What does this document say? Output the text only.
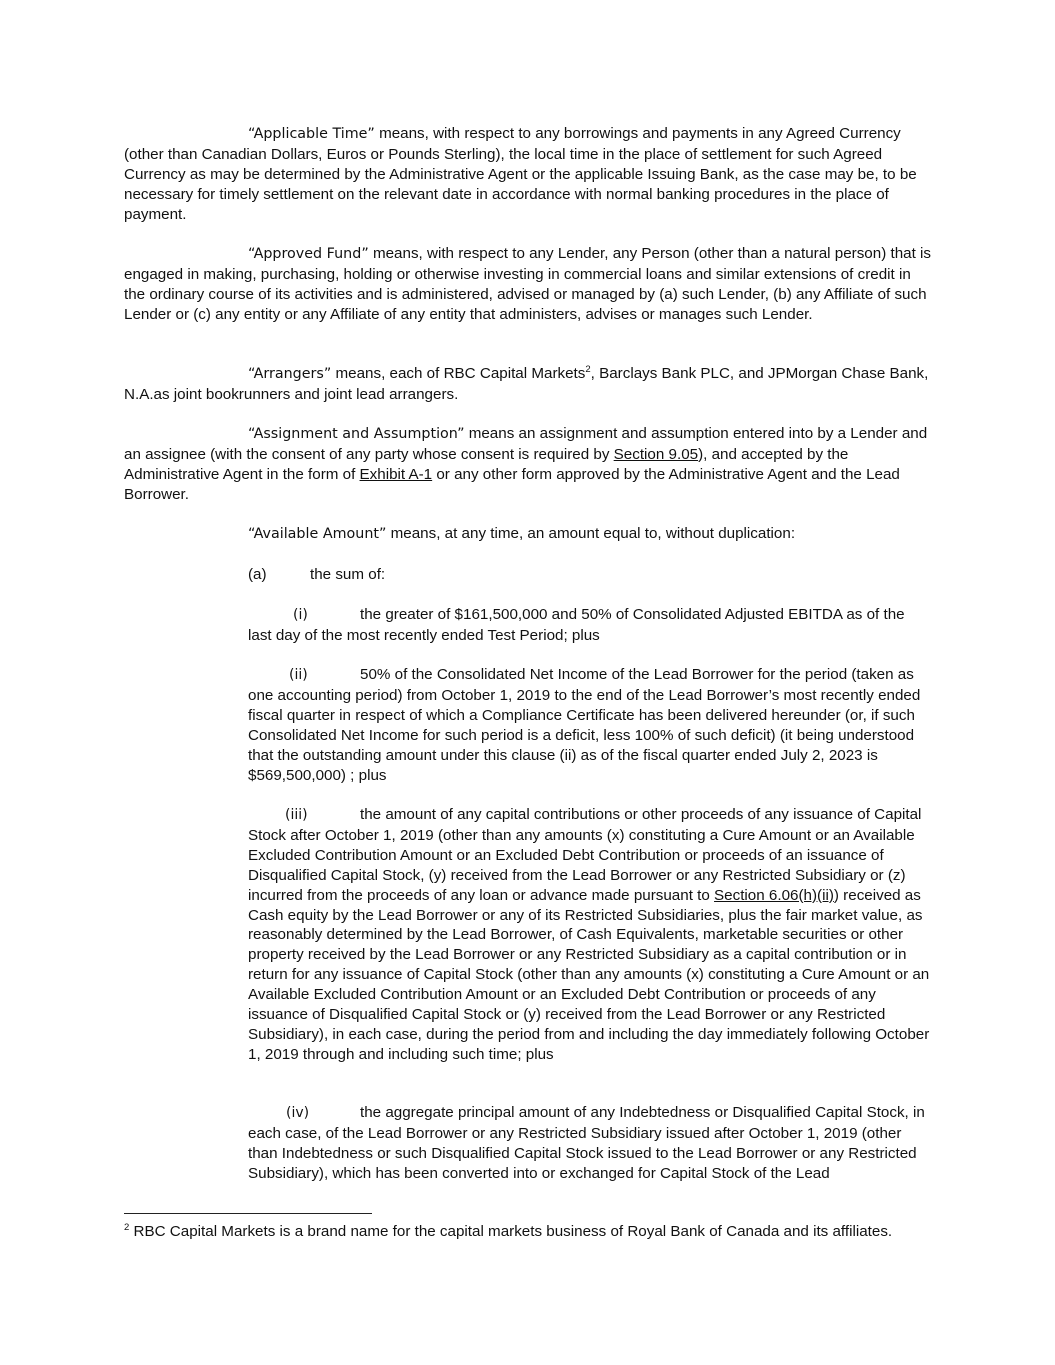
“Applicable Time” means, with respect to any borrowings and payments in any Agreed Currency (other than Canadian Dollars, Euros or Pounds Sterling), the local time in the place of settlement for such Agreed Currency as may be determined by the Administrative Agent or the applicable Issuing Bank, as the case may be, to be necessary for timely settlement on the relevant date in accordance with normal banking procedures in the place of payment.

“Approved Fund” means, with respect to any Lender, any Person (other than a natural person) that is engaged in making, purchasing, holding or otherwise investing in commercial loans and similar extensions of credit in the ordinary course of its activities and is administered, advised or managed by (a) such Lender, (b) any Affiliate of such Lender or (c) any entity or any Affiliate of any entity that administers, advises or manages such Lender.

“Arrangers” means, each of RBC Capital Markets$^2$, Barclays Bank PLC, and JPMorgan Chase Bank, N.A.as joint bookrunners and joint lead arrangers.

“Assignment and Assumption” means an assignment and assumption entered into by a Lender and an assignee (with the consent of any party whose consent is required by Section 9.05), and accepted by the Administrative Agent in the form of Exhibit A-1 or any other form approved by the Administrative Agent and the Lead Borrower.

“Available Amount” means, at any time, an amount equal to, without duplication:

(a)	the sum of:

(i)	the greater of $161,500,000 and 50% of Consolidated Adjusted EBITDA as of the last day of the most recently ended Test Period; plus

(ii)	50% of the Consolidated Net Income of the Lead Borrower for the period (taken as one accounting period) from October 1, 2019 to the end of the Lead Borrower’s most recently ended fiscal quarter in respect of which a Compliance Certificate has been delivered hereunder (or, if such Consolidated Net Income for such period is a deficit, less 100% of such deficit) (it being understood that the outstanding amount under this clause (ii) as of the fiscal quarter ended July 2, 2023 is $569,500,000) ; plus

(iii)	the amount of any capital contributions or other proceeds of any issuance of Capital Stock after October 1, 2019 (other than any amounts (x) constituting a Cure Amount or an Available Excluded Contribution Amount or an Excluded Debt Contribution or proceeds of an issuance of Disqualified Capital Stock, (y) received from the Lead Borrower or any Restricted Subsidiary or (z) incurred from the proceeds of any loan or advance made pursuant to Section 6.06(h)(ii)) received as Cash equity by the Lead Borrower or any of its Restricted Subsidiaries, plus the fair market value, as reasonably determined by the Lead Borrower, of Cash Equivalents, marketable securities or other property received by the Lead Borrower or any Restricted Subsidiary as a capital contribution or in return for any issuance of Capital Stock (other than any amounts (x) constituting a Cure Amount or an Available Excluded Contribution Amount or an Excluded Debt Contribution or proceeds of any issuance of Disqualified Capital Stock or (y) received from the Lead Borrower or any Restricted Subsidiary), in each case, during the period from and including the day immediately following October 1, 2019 through and including such time; plus

(iv)	the aggregate principal amount of any Indebtedness or Disqualified Capital Stock, in each case, of the Lead Borrower or any Restricted Subsidiary issued after October 1, 2019 (other than Indebtedness or such Disqualified Capital Stock issued to the Lead Borrower or any Restricted Subsidiary), which has been converted into or exchanged for Capital Stock of the Lead

$^2$ RBC Capital Markets is a brand name for the capital markets business of Royal Bank of Canada and its affiliates.
